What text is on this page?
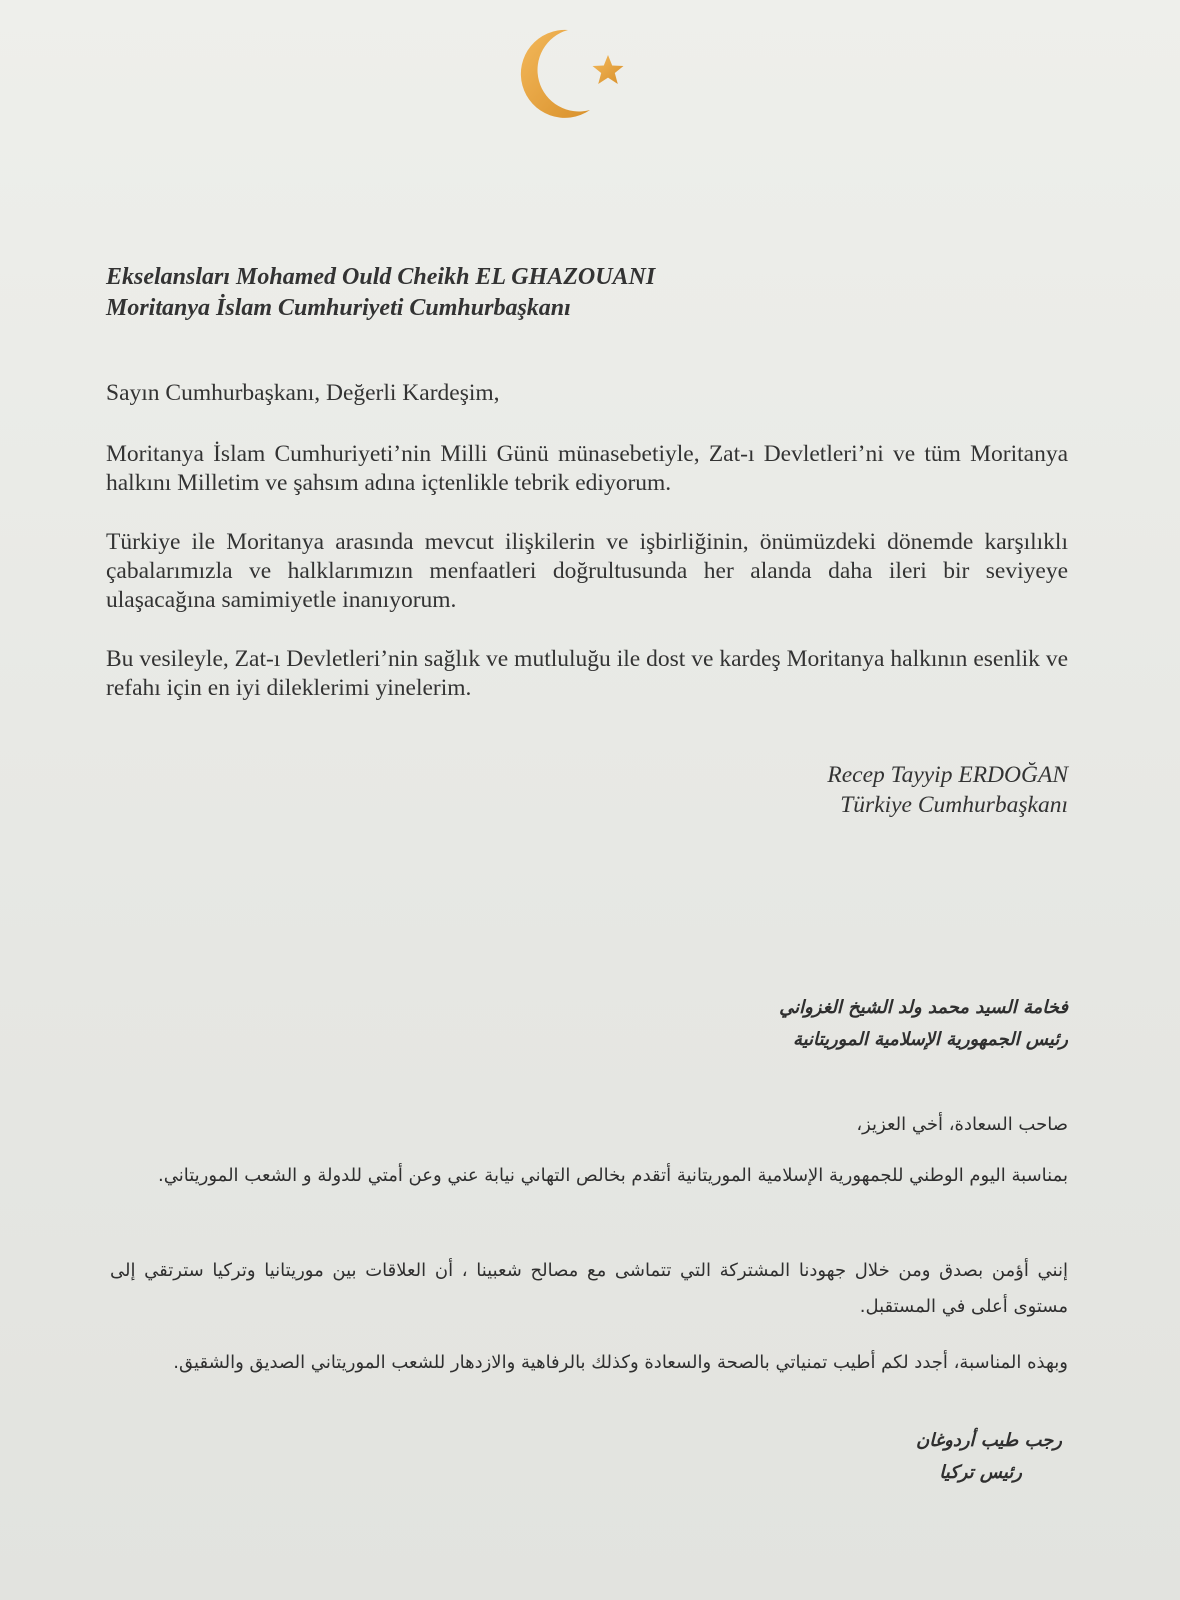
Ekselansları Mohamed Ould Cheikh EL GHAZOUANI
Moritanya İslam Cumhuriyeti Cumhurbaşkanı
Sayın Cumhurbaşkanı, Değerli Kardeşim,
Moritanya İslam Cumhuriyeti’nin Milli Günü münasebetiyle, Zat-ı Devletleri’ni ve tüm Moritanya halkını Milletim ve şahsım adına içtenlikle tebrik ediyorum.
Türkiye ile Moritanya arasında mevcut ilişkilerin ve işbirliğinin, önümüzdeki dönemde karşılıklı çabalarımızla ve halklarımızın menfaatleri doğrultusunda her alanda daha ileri bir seviyeye ulaşacağına samimiyetle inanıyorum.
Bu vesileyle, Zat-ı Devletleri’nin sağlık ve mutluluğu ile dost ve kardeş Moritanya halkının esenlik ve refahı için en iyi dileklerimi yinelerim.
Recep Tayyip ERDOĞAN
Türkiye Cumhurbaşkanı
فخامة السيد محمد ولد الشيخ الغزواني
رئيس الجمهورية الإسلامية الموريتانية
صاحب السعادة، أخي العزيز،
بمناسبة اليوم الوطني للجمهورية الإسلامية الموريتانية أتقدم بخالص التهاني نيابة عني وعن أمتي للدولة و الشعب الموريتاني.
إنني أؤمن بصدق ومن خلال جهودنا المشتركة التي تتماشى مع مصالح شعبينا ، أن العلاقات بين موريتانيا وتركيا سترتقي إلى مستوى أعلى في المستقبل.
وبهذه المناسبة، أجدد لكم أطيب تمنياتي بالصحة والسعادة وكذلك بالرفاهية والازدهار للشعب الموريتاني الصديق والشقيق.
رجب طيب أردوغان
رئيس تركيا
